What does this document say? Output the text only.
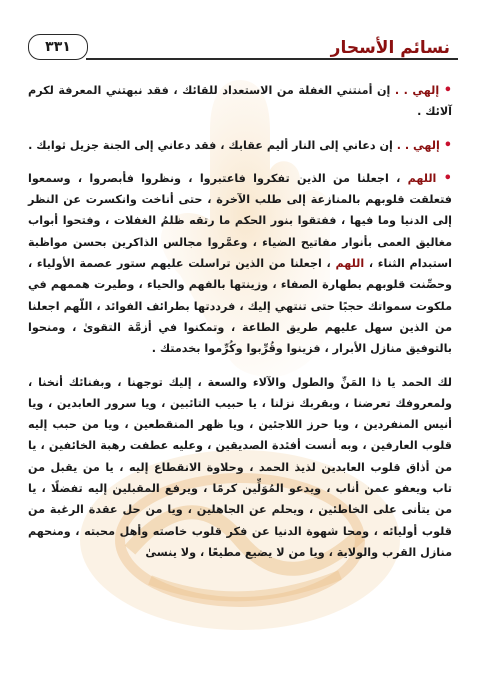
نسائم الأسحار
٣٣١

• إلهي . . إن أمنتني الغفلة من الاستعداد للقائك ، فقد نبهتني المعرفة لكرم آلائك .

• إلهي . . إن دعاني إلى النار أليم عقابك ، فقد دعاني إلى الجنة جزيل ثوابك .

• اللهم ، اجعلنا من الذين تفكروا فاعتبروا ، ونظروا فأبصروا ، وسمعوا فتعلقت قلوبهم بالمنازعة إلى طلب الآخرة ، حتى أناخت وانكسرت عن النظر إلى الدنيا وما فيها ، ففتقوا بنور الحكم ما رتقه ظلمُ الغفلات ، وفتحوا أبواب مغاليق العمى بأنوار مفاتيح الضياء ، وعمَّروا مجالس الذاكرين بحسن مواظبة استبدام الثناء ، اللهم ، اجعلنا من الذين تراسلت عليهم ستور عصمة الأولياء ، وحصِّنت قلوبهم بطهارة الصفاء ، وزينتها بالفهم والحياء ، وطيرت هممهم في ملكوت سمواتك حجبًا حتى تنتهي إليك ، فرددتها بطرائف الفوائد ، اللّهم اجعلنا من الذين سهل عليهم طريق الطاعة ، وتمكنوا في أزمَّة التقوىٰ ، ومنحوا بالتوفيق منازل الأبرار ، فزينوا وقُرِّبوا وكُرِّموا بخدمتك .

لك الحمد يا ذا المَنِّ والطول والآلاء والسعة ، إليك توجهنا ، وبفنائك أنخنا ، ولمعروفك تعرضنا ، وبقربك نزلنا ، يا حبيب التائبين ، ويا سرور العابدين ، ويا أنيس المنفردين ، ويا حرز اللاجئين ، ويا ظهر المنقطعين ، ويا من حبب إليه قلوب العارفين ، وبه أنست أفئدة الصديقين ، وعليه عطفت رهبة الخائفين ، يا من أذاق قلوب العابدين لذيذ الحمد ، وحلاوة الانقطاع إليه ، يا من يقبل من تاب ويعفو عمن أناب ، ويدعو المُوَلِّين كرمًا ، ويرفع المقبلين إليه تفضلًا ، يا من يتأنى على الخاطئين ، ويحلم عن الجاهلين ، ويا من حل عقدة الرغبة من قلوب أوليائه ، ومحا شهوة الدنيا عن فكر قلوب خاصته وأهل محبته ، ومنحهم منازل القرب والولاية ، ويا من لا يضيع مطيعًا ، ولا ينسىٰ
